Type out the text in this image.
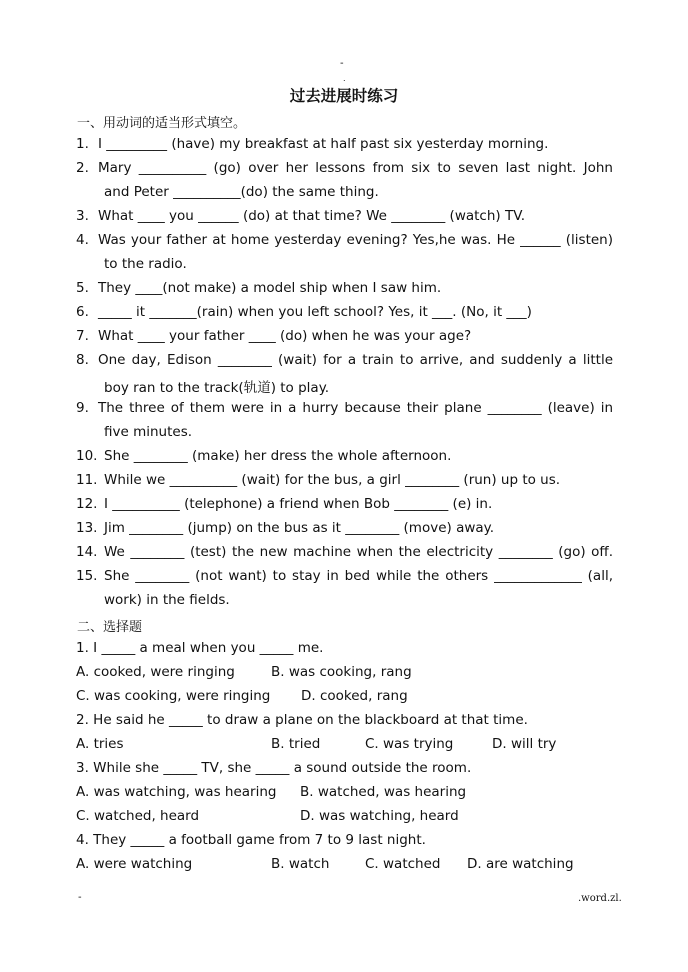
-
.
过去进展时练习
一、用动词的适当形式填空。
1. I _________ (have) my breakfast at half past six yesterday morning.
2. Mary __________ (go) over her lessons from six to seven last night. John
and Peter __________(do) the same thing.
3. What ____ you ______ (do) at that time? We ________ (watch) TV.
4. Was your father at home yesterday evening? Yes,he was. He ______ (listen)
to the radio.
5. They ____(not make) a model ship when I saw him.
6. _____ it _______(rain) when you left school? Yes, it ___. (No, it ___)
7. What ____ your father ____ (do) when he was your age?
8. One day, Edison ________ (wait) for a train to arrive, and suddenly a little
boy ran to the track(轨道) to play.
9. The three of them were in a hurry because their plane ________ (leave) in
five minutes.
10. She ________ (make) her dress the whole afternoon.
11. While we __________ (wait) for the bus, a girl ________ (run) up to us.
12. I __________ (telephone) a friend when Bob ________ (e) in.
13. Jim ________ (jump) on the bus as it ________ (move) away.
14. We ________ (test) the new machine when the electricity ________ (go) off.
15. She ________ (not want) to stay in bed while the others _____________ (all,
work) in the fields.
二、选择题
1. I _____ a meal when you _____ me.
A. cooked, were ringing	B. was cooking, rang
C. was cooking, were ringing D. cooked, rang
2. He said he _____ to draw a plane on the blackboard at that time.
A. tries	B. tried	C. was trying	D. will try
3. While she _____ TV, she _____ a sound outside the room.
A. was watching, was hearing B. watched, was hearing
C. watched, heard	D. was watching, heard
4. They _____ a football game from 7 to 9 last night.
A. were watching	B. watch	C. watched D. are watching
-	.word.zl.
